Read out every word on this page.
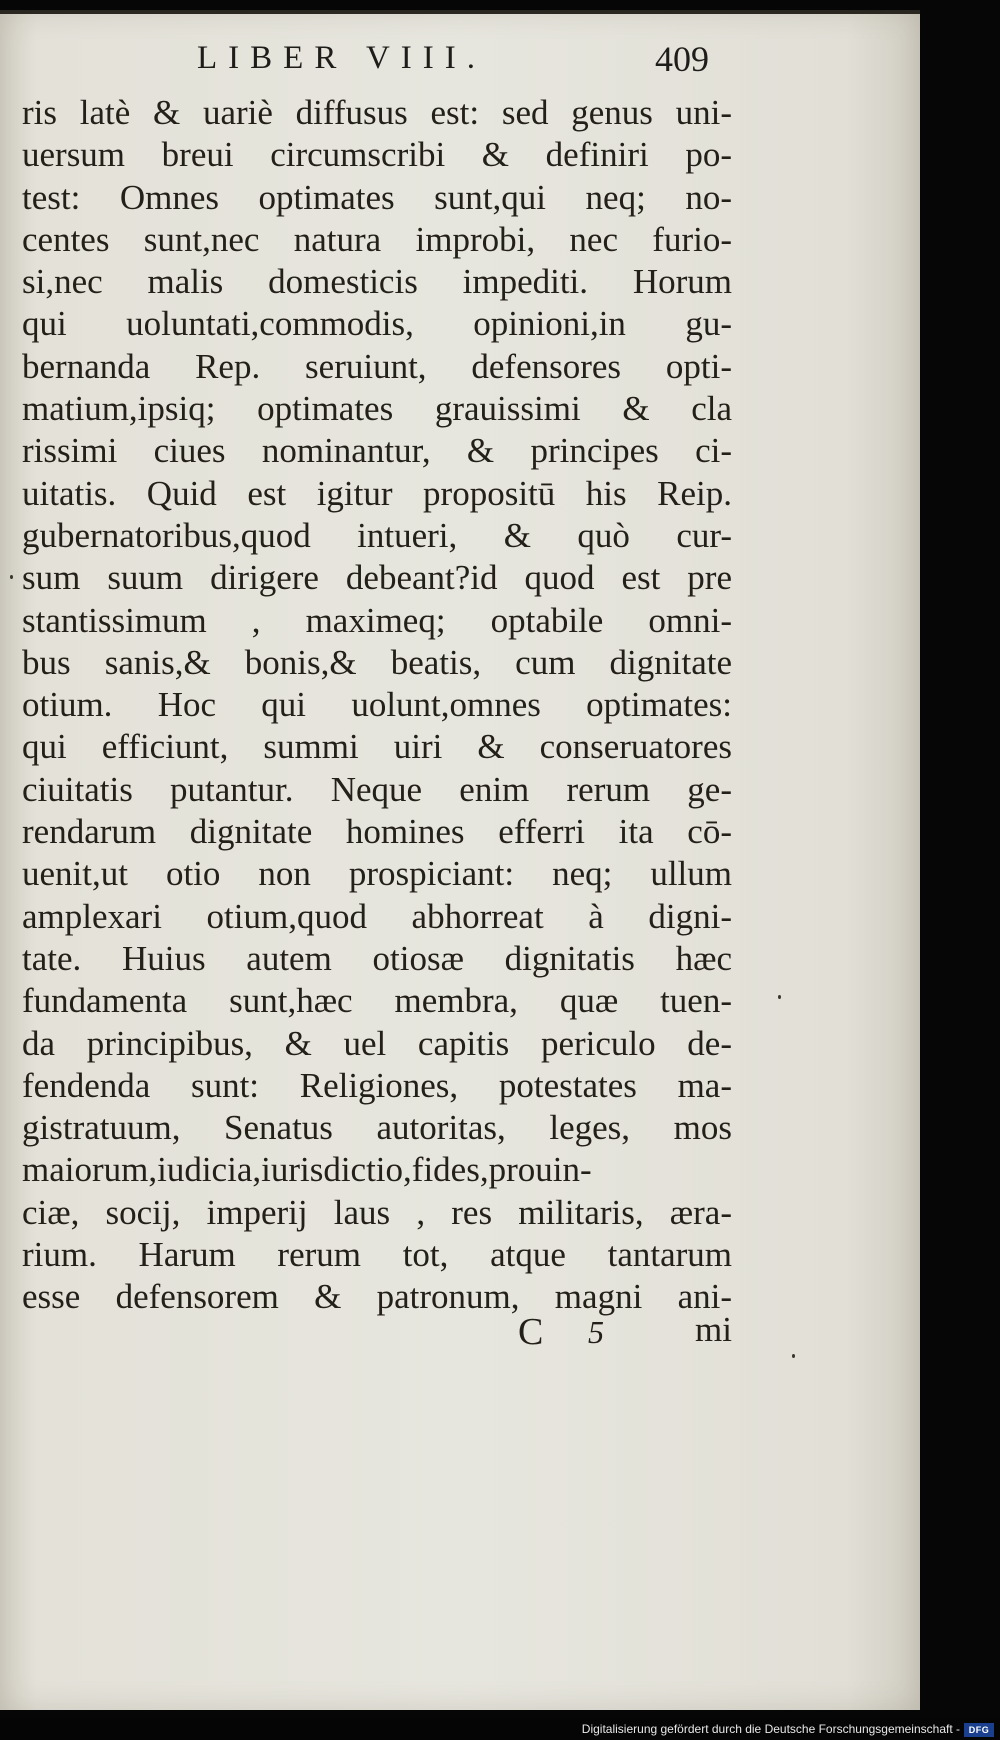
LIBER VIII.	409
ris latè & uariè diffusus est: sed genus uni-
uersum breui circumscribi & definiri po-
test: Omnes optimates sunt,qui neq; no-
centes sunt,nec natura improbi, nec furio-
si,nec malis domesticis impediti. Horum
qui uoluntati,commodis, opinioni,in gu-
bernanda Rep. seruiunt, defensores opti-
matium,ipsiq; optimates grauissimi & cla
rissimi ciues nominantur, & principes ci-
uitatis. Quid est igitur propositū his Reip.
gubernatoribus,quod intueri, & quò cur-
sum suum dirigere debeant?id quod est pre
stantissimum , maximeq; optabile omni-
bus sanis,& bonis,& beatis, cum dignitate
otium. Hoc qui uolunt,omnes optimates:
qui efficiunt, summi uiri & conseruatores
ciuitatis putantur. Neque enim rerum ge-
rendarum dignitate homines efferri ita cō-
uenit,ut otio non prospiciant: neq; ullum
amplexari otium,quod abhorreat à digni-
tate. Huius autem otiosæ dignitatis hæc
fundamenta sunt,hæc membra, quæ tuen-
da principibus, & uel capitis periculo de-
fendenda sunt: Religiones, potestates ma-
gistratuum, Senatus autoritas, leges, mos
maiorum,iudicia,iurisdictio,fides,prouin-
ciæ, socij, imperij laus , res militaris, æra-
rium. Harum rerum tot, atque tantarum
esse defensorem & patronum, magni ani-
C 5	mi
Digitalisierung gefördert durch die Deutsche Forschungsgemeinschaft - DFG
